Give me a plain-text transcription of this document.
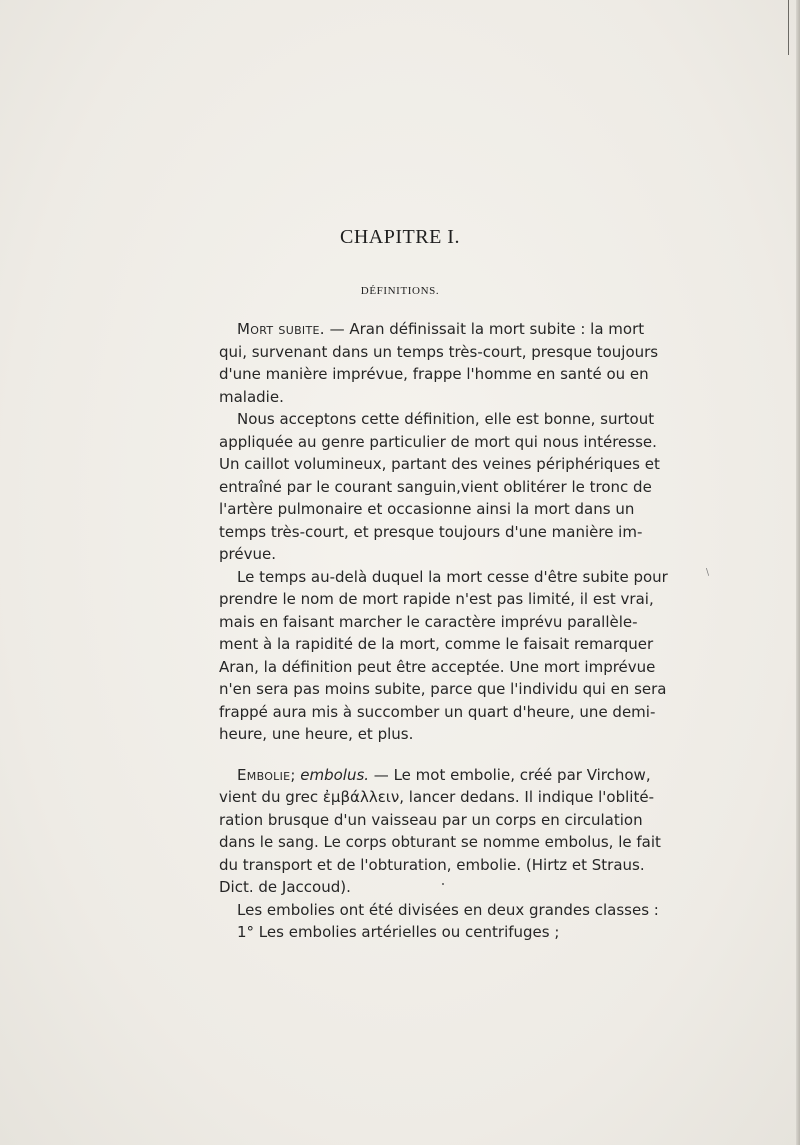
CHAPITRE I.
DÉFINITIONS.
Mort subite. — Aran définissait la mort subite : la mort
qui, survenant dans un temps très-court, presque toujours
d'une manière imprévue, frappe l'homme en santé ou en
maladie.
Nous acceptons cette définition, elle est bonne, surtout
appliquée au genre particulier de mort qui nous intéresse.
Un caillot volumineux, partant des veines périphériques et
entraîné par le courant sanguin,vient oblitérer le tronc de
l'artère pulmonaire et occasionne ainsi la mort dans un
temps très-court, et presque toujours d'une manière im-
prévue.
Le temps au-delà duquel la mort cesse d'être subite pour
prendre le nom de mort rapide n'est pas limité, il est vrai,
mais en faisant marcher le caractère imprévu parallèle-
ment à la rapidité de la mort, comme le faisait remarquer
Aran, la définition peut être acceptée. Une mort imprévue
n'en sera pas moins subite, parce que l'individu qui en sera
frappé aura mis à succomber un quart d'heure, une demi-
heure, une heure, et plus.
Embolie; embolus. — Le mot embolie, créé par Virchow,
vient du grec ἐμβάλλειν, lancer dedans. Il indique l'oblité-
ration brusque d'un vaisseau par un corps en circulation
dans le sang. Le corps obturant se nomme embolus, le fait
du transport et de l'obturation, embolie. (Hirtz et Straus.
Dict. de Jaccoud).
Les embolies ont été divisées en deux grandes classes :
1° Les embolies artérielles ou centrifuges ;
\
